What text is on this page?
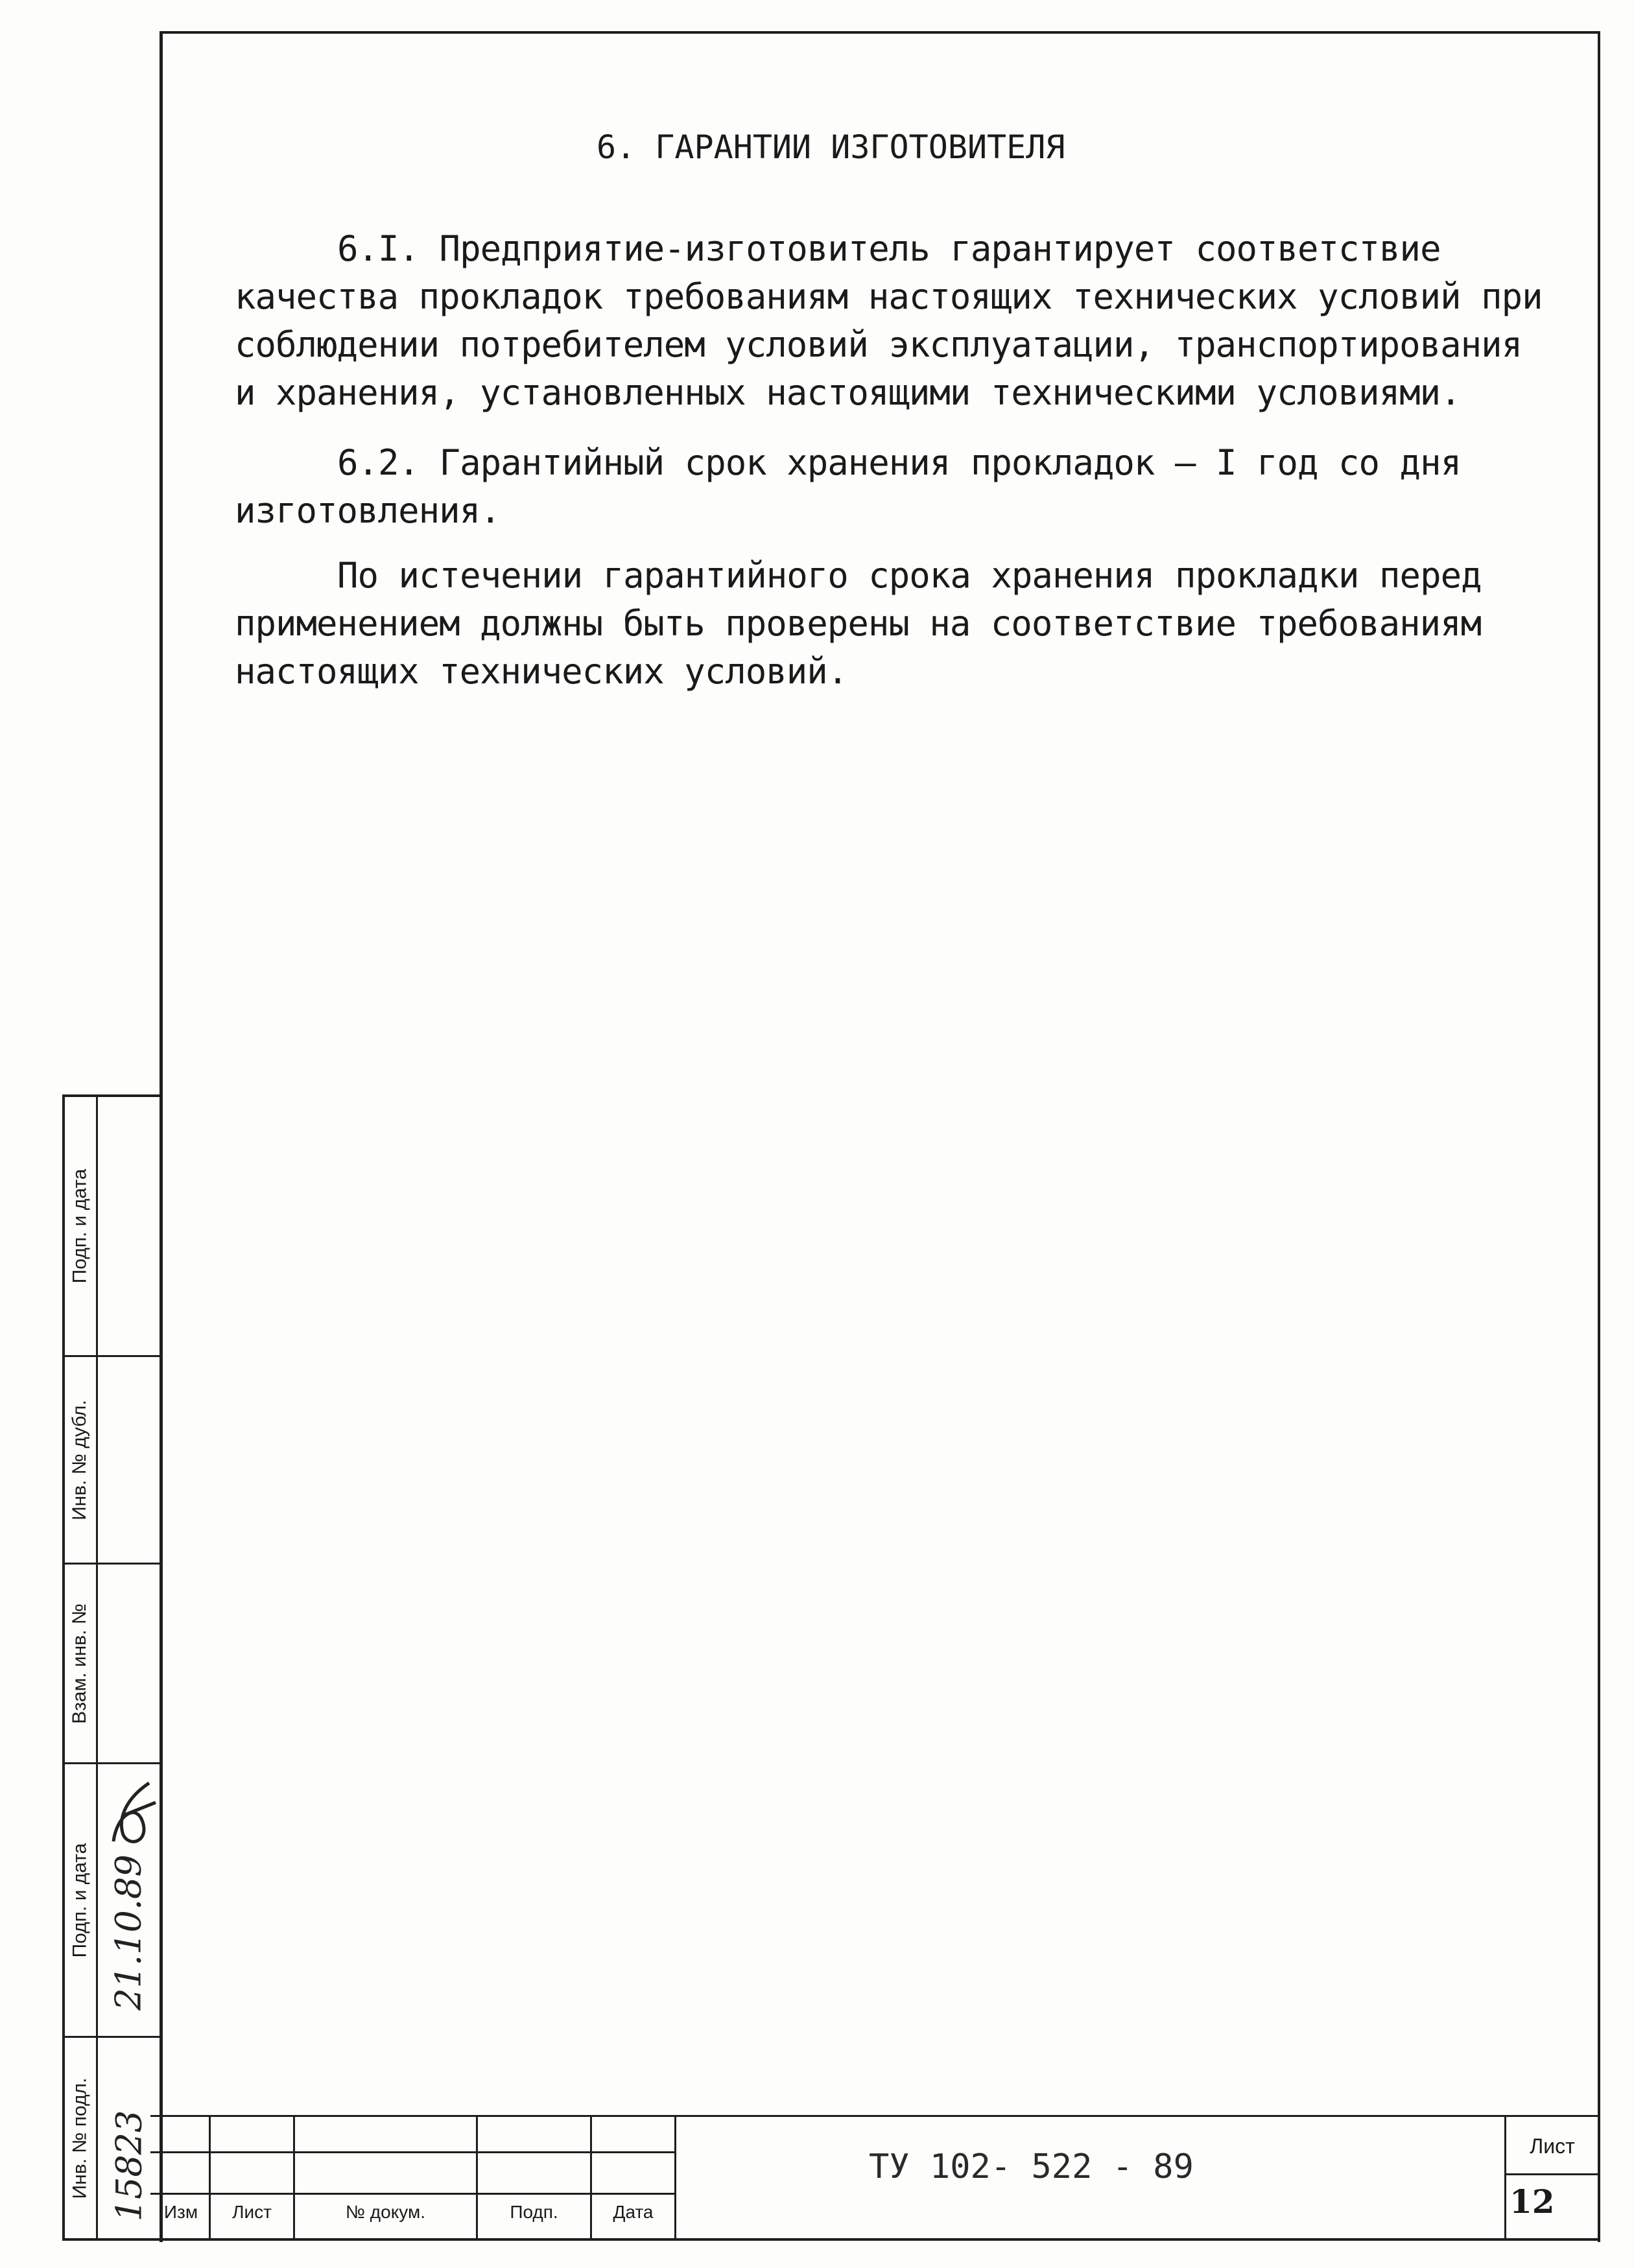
6. ГАРАНТИИ ИЗГОТОВИТЕЛЯ
6.I. Предприятие-изготовитель гарантирует соответствие
качества прокладок требованиям настоящих технических условий при
соблюдении потребителем условий эксплуатации, транспортирования
и хранения, установленных настоящими техническими условиями.
6.2. Гарантийный срок хранения прокладок – I год со дня
изготовления.
По истечении гарантийного срока хранения прокладки перед
применением должны быть проверены на соответствие требованиям
настоящих технических условий.
Подп. и дата
Инв. № дубл.
Взам. инв. №
Подп. и дата
Инв. № подл.
21.10.89
15823 Изм	Лист	№ докум.	Подп.	Дата
ТУ 102- 522 - 89
Лист
12
